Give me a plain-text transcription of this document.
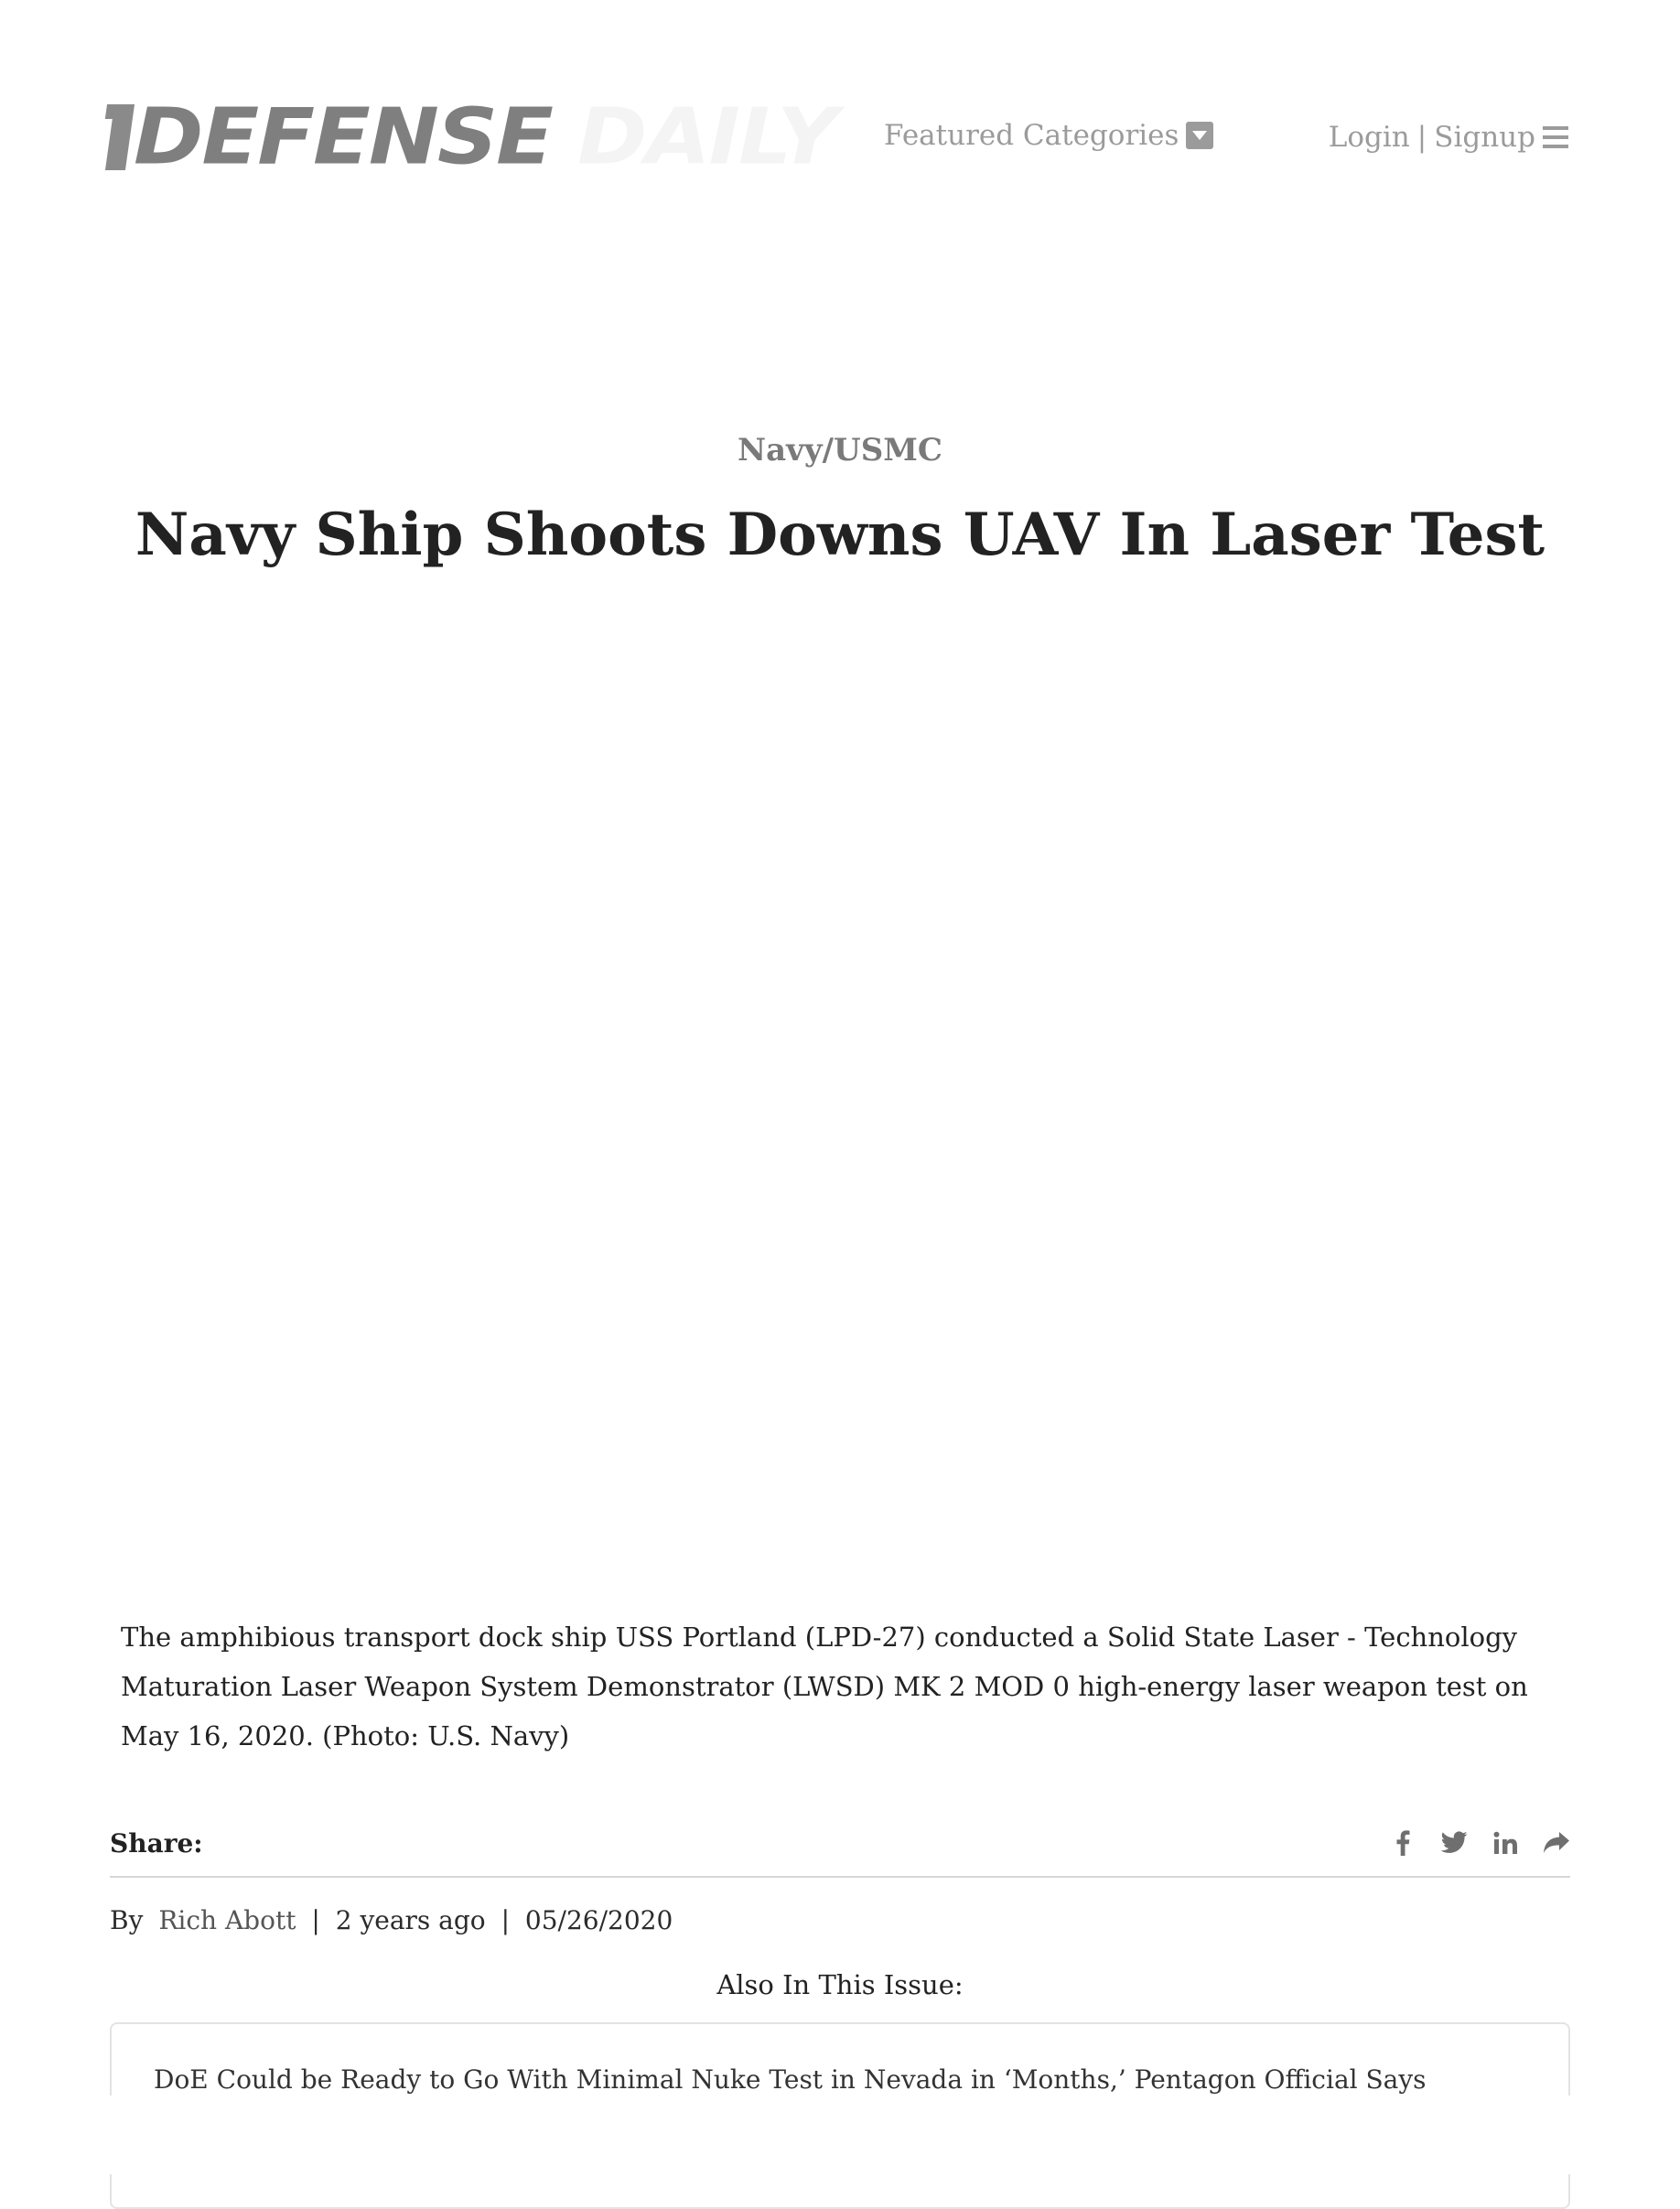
DEFENSE DAILY Featured Categories	Login | Signup
Navy/USMC
Navy Ship Shoots Downs UAV In Laser Test

The amphibious transport dock ship USS Portland (LPD-27) conducted a Solid State Laser - Technology Maturation Laser Weapon System Demonstrator (LWSD) MK 2 MOD 0 high-energy laser weapon test on May 16, 2020. (Photo: U.S. Navy)

Share:
By Rich Abott | 2 years ago | 05/26/2020
Also In This Issue:
DoE Could be Ready to Go With Minimal Nuke Test in Nevada in ‘Months,’ Pentagon Official Says
